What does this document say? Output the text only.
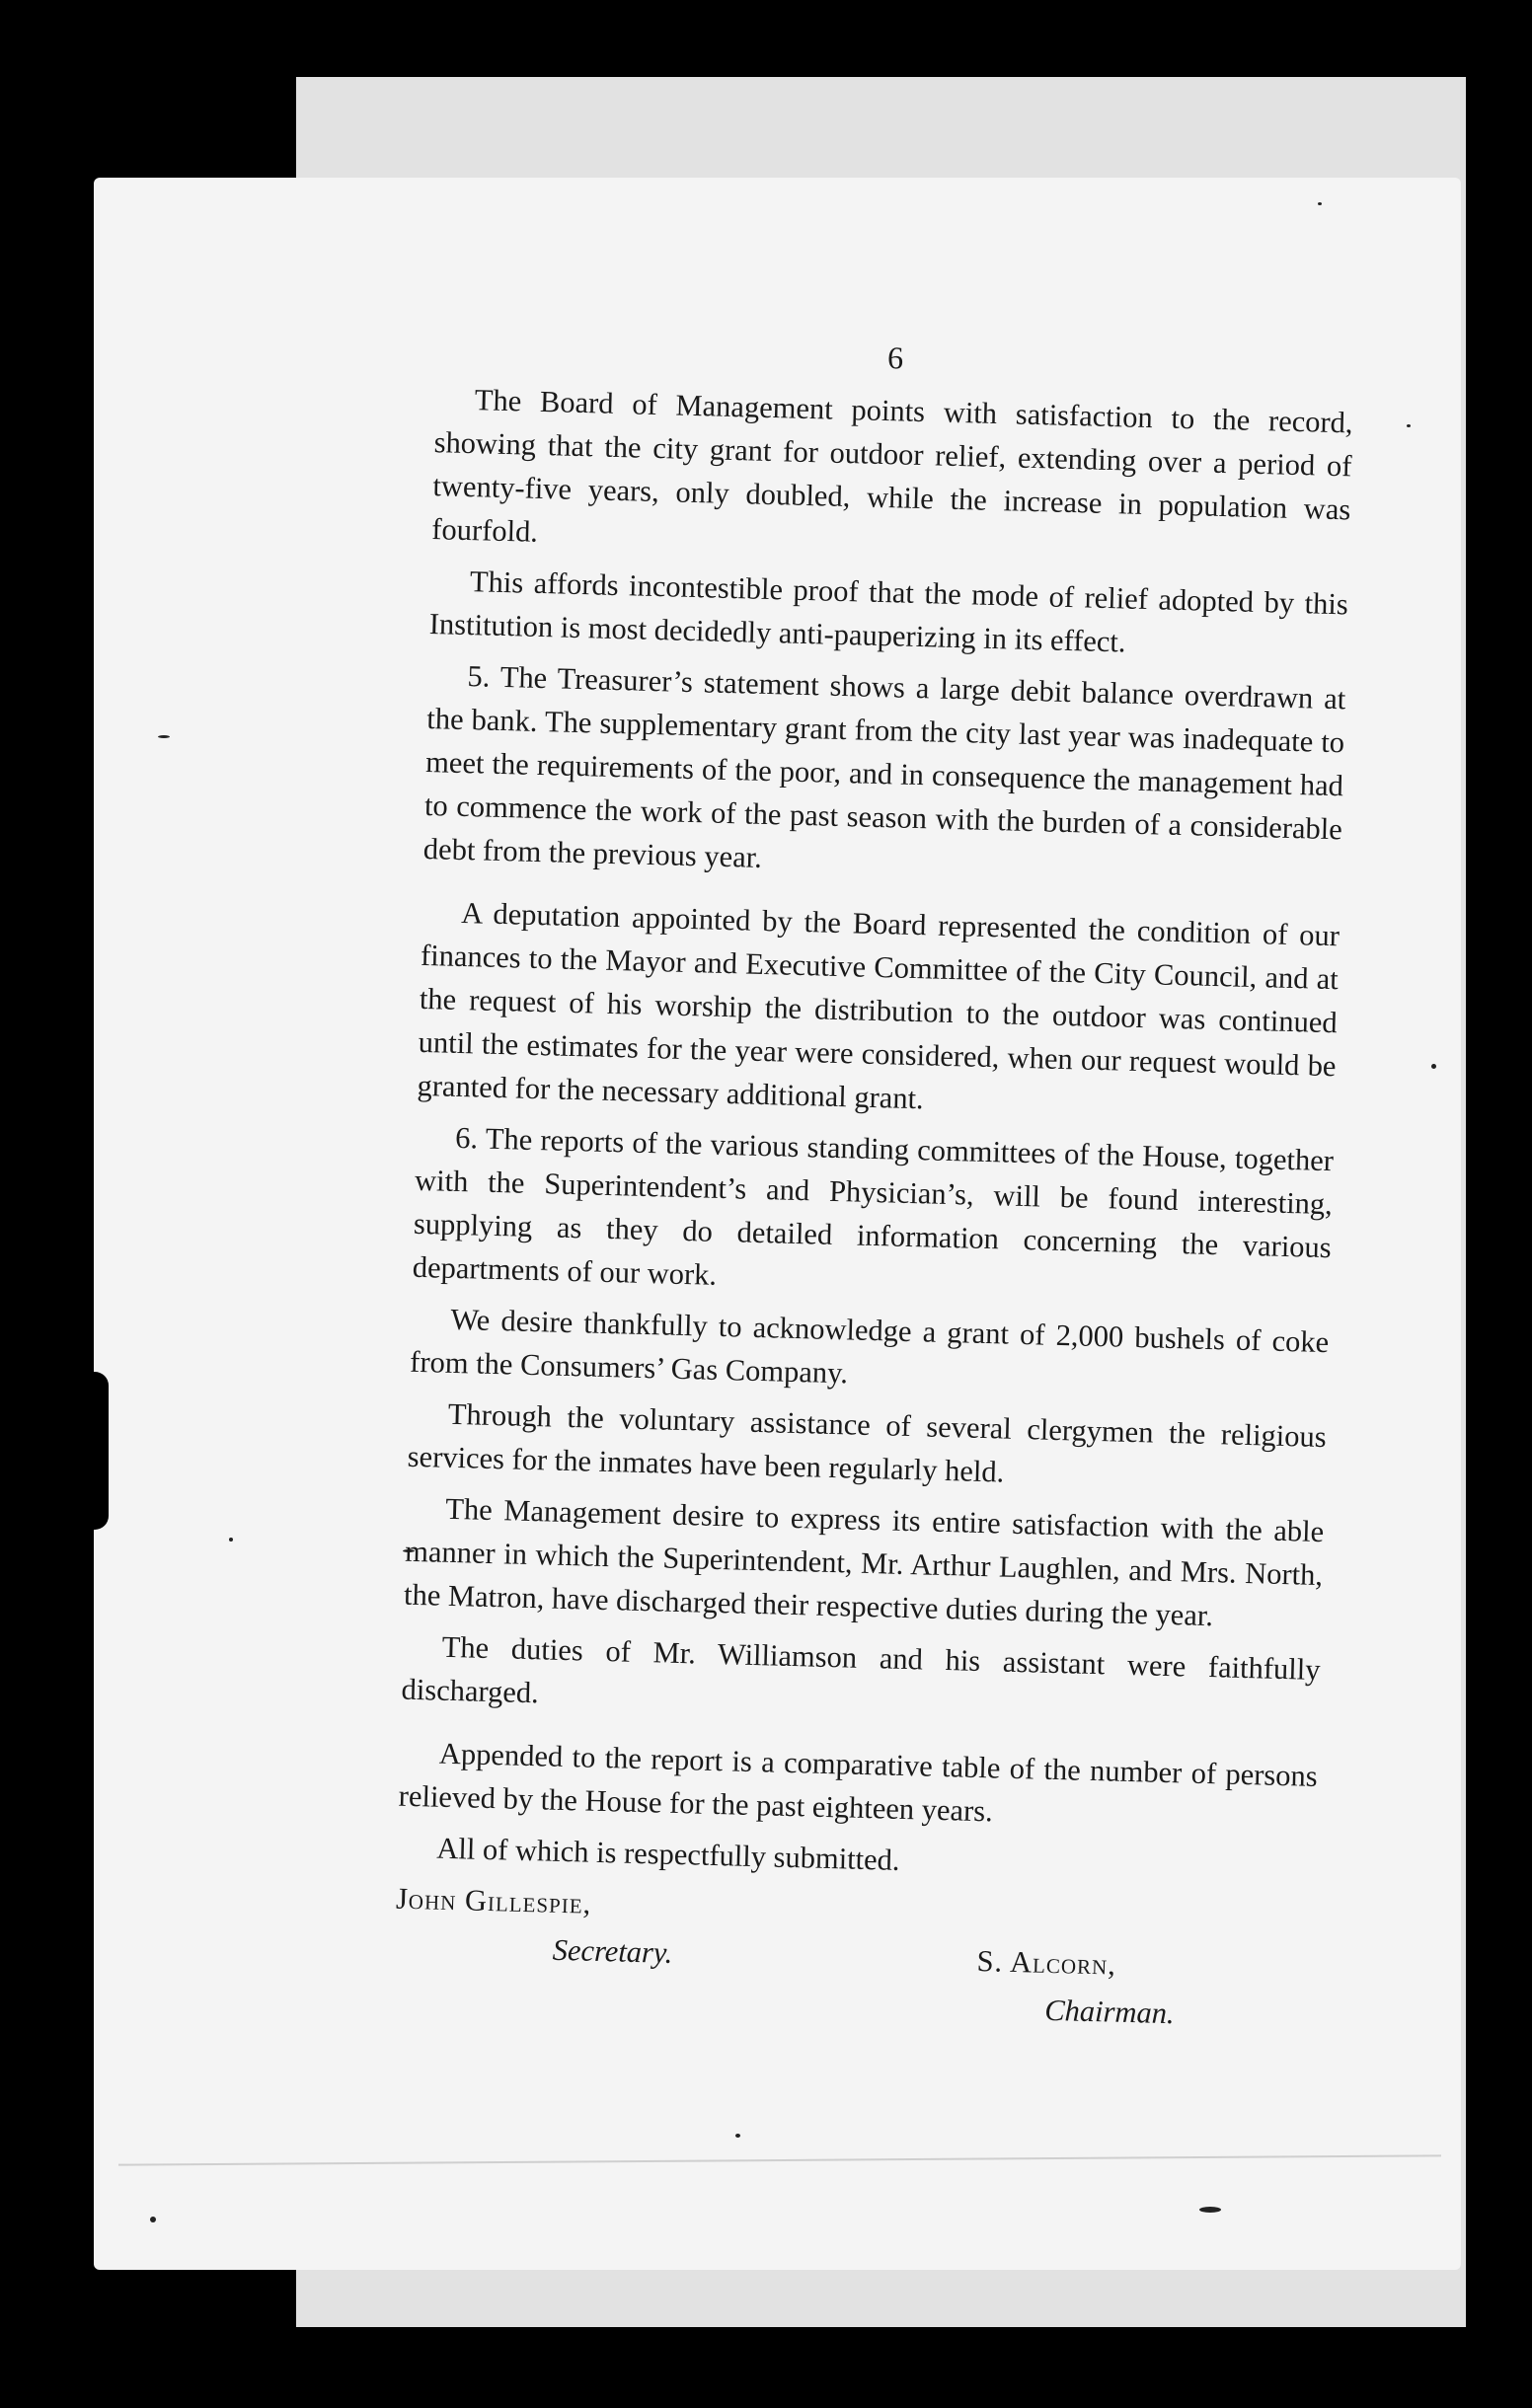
6

The Board of Management points with satisfaction to the record, showing that the city grant for outdoor relief, extending over a period of twenty-five years, only doubled, while the increase in population was fourfold.

This affords incontestible proof that the mode of relief adopted by this Institution is most decidedly anti-pauperizing in its effect.

5. The Treasurer’s statement shows a large debit balance overdrawn at the bank. The supplementary grant from the city last year was inadequate to meet the requirements of the poor, and in consequence the management had to commence the work of the past season with the burden of a considerable debt from the previous year.

A deputation appointed by the Board represented the condition of our finances to the Mayor and Executive Committee of the City Council, and at the request of his worship the distribution to the outdoor was continued until the estimates for the year were considered, when our request would be granted for the necessary additional grant.

6. The reports of the various standing committees of the House, together with the Superintendent’s and Physician’s, will be found interesting, supplying as they do detailed information concerning the various departments of our work.

We desire thankfully to acknowledge a grant of 2,000 bushels of coke from the Consumers’ Gas Company.

Through the voluntary assistance of several clergymen the religious services for the inmates have been regularly held.

The Management desire to express its entire satisfaction with the able manner in which the Superintendent, Mr. Arthur Laughlen, and Mrs. North, the Matron, have discharged their respective duties during the year.

The duties of Mr. Williamson and his assistant were faithfully discharged.

Appended to the report is a comparative table of the number of persons relieved by the House for the past eighteen years.

All of which is respectfully submitted.

John Gillespie,
Secretary.	S. Alcorn,
Chairman.
